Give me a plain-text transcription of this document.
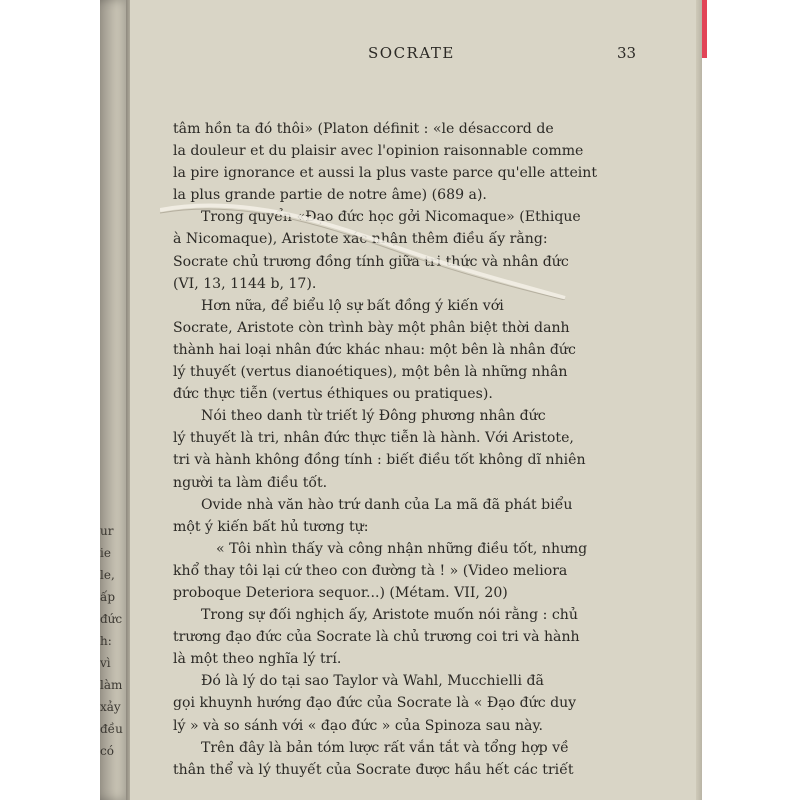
ur
ie
le,
ấp
đức
h:
vì
làm
xảy
đều
có
SOCRATE	33
tâm hồn ta đó thôi» (Platon définit : «le désaccord de
la douleur et du plaisir avec l'opinion raisonnable comme
la pire ignorance et aussi la plus vaste parce qu'elle atteint
la plus grande partie de notre âme) (689 a).
Trong quyển «Đạo đức học gởi Nicomaque» (Ethique
à Nicomaque), Aristote xác nhận thêm điều ấy rằng:
Socrate chủ trương đồng tính giữa tri thức và nhân đức
(VI, 13, 1144 b, 17).
Hơn nữa, để biểu lộ sự bất đồng ý kiến với
Socrate, Aristote còn trình bày một phân biệt thời danh
thành hai loại nhân đức khác nhau: một bên là nhân đức
lý thuyết (vertus dianoétiques), một bên là những nhân
đức thực tiễn (vertus éthiques ou pratiques).
Nói theo danh từ triết lý Đông phương nhân đức
lý thuyết là tri, nhân đức thực tiễn là hành. Với Aristote,
tri và hành không đồng tính : biết điều tốt không dĩ nhiên
người ta làm điều tốt.
Ovide nhà văn hào trứ danh của La mã đã phát biểu
một ý kiến bất hủ tương tự:
« Tôi nhìn thấy và công nhận những điều tốt, nhưng
khổ thay tôi lại cứ theo con đường tà ! » (Video meliora
proboque Deteriora sequor...) (Métam. VII, 20)
Trong sự đối nghịch ấy, Aristote muốn nói rằng : chủ
trương đạo đức của Socrate là chủ trương coi tri và hành
là một theo nghĩa lý trí.
Đó là lý do tại sao Taylor và Wahl, Mucchielli đã
gọi khuynh hướng đạo đức của Socrate là « Đạo đức duy
lý » và so sánh với « đạo đức » của Spinoza sau này.
Trên đây là bản tóm lược rất vắn tắt và tổng hợp về
thân thể và lý thuyết của Socrate được hầu hết các triết
